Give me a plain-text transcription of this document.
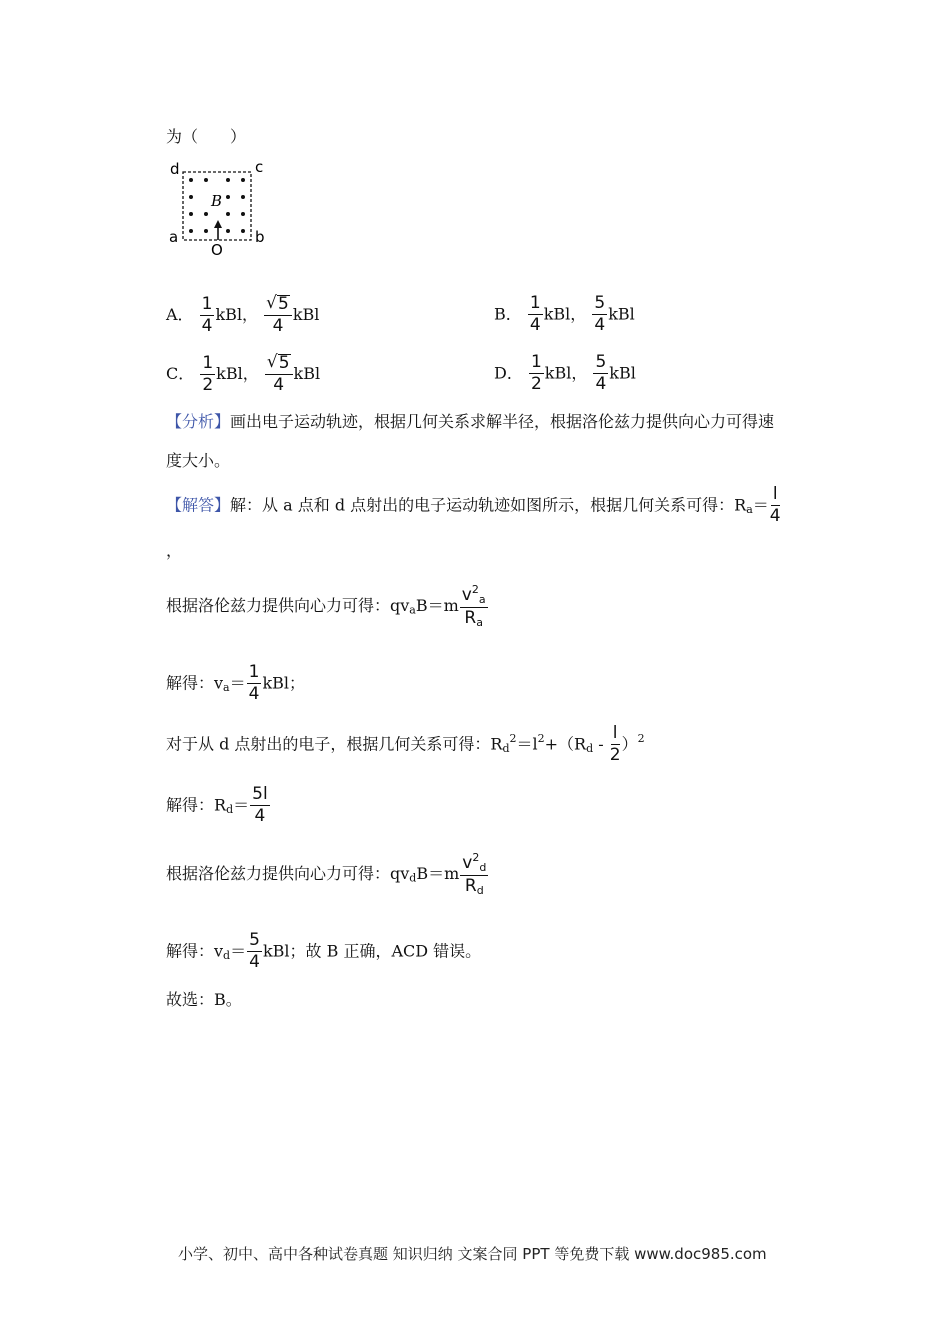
为（　　）
d	c
a	b
B
O
A． $\frac{1}{4}$ kBl， $\frac{√ 5}{4}$ kBl	B． $\frac{1}{4}$ kBl， $\frac{5}{4}$ kBl
C． $\frac{1}{2}$ kBl， $\frac{√ 5}{4}$ kBl	D． $\frac{1}{2}$ kBl， $\frac{5}{4}$ kBl
【分析】画出电子运动轨迹，根据几何关系求解半径，根据洛伦兹力提供向心力可得速
度大小。
【解答】解：从 a 点和 d 点射出的电子运动轨迹如图所示，根据几何关系可得：$R_a= \frac{l}{4}$
，
根据洛伦兹力提供向心力可得：$qv_aB=m \frac{v^2_a}{R_a}$
解得：$v_a= \frac{1}{4}$ kBl；
对于从 d 点射出的电子，根据几何关系可得：$R_d^2=l^2+(R_d - \frac{l}{2} )^2$
解得：$R_d= \frac{5l}{4}$
根据洛伦兹力提供向心力可得：$qv_dB=m \frac{v^2_d}{R_d}$
解得：$v_d= \frac{5}{4}$ kBl；故 B 正确，ACD 错误。
故选：B。
小学、初中、高中各种试卷真题 知识归纳 文案合同 PPT 等免费下载 www.doc985.com
